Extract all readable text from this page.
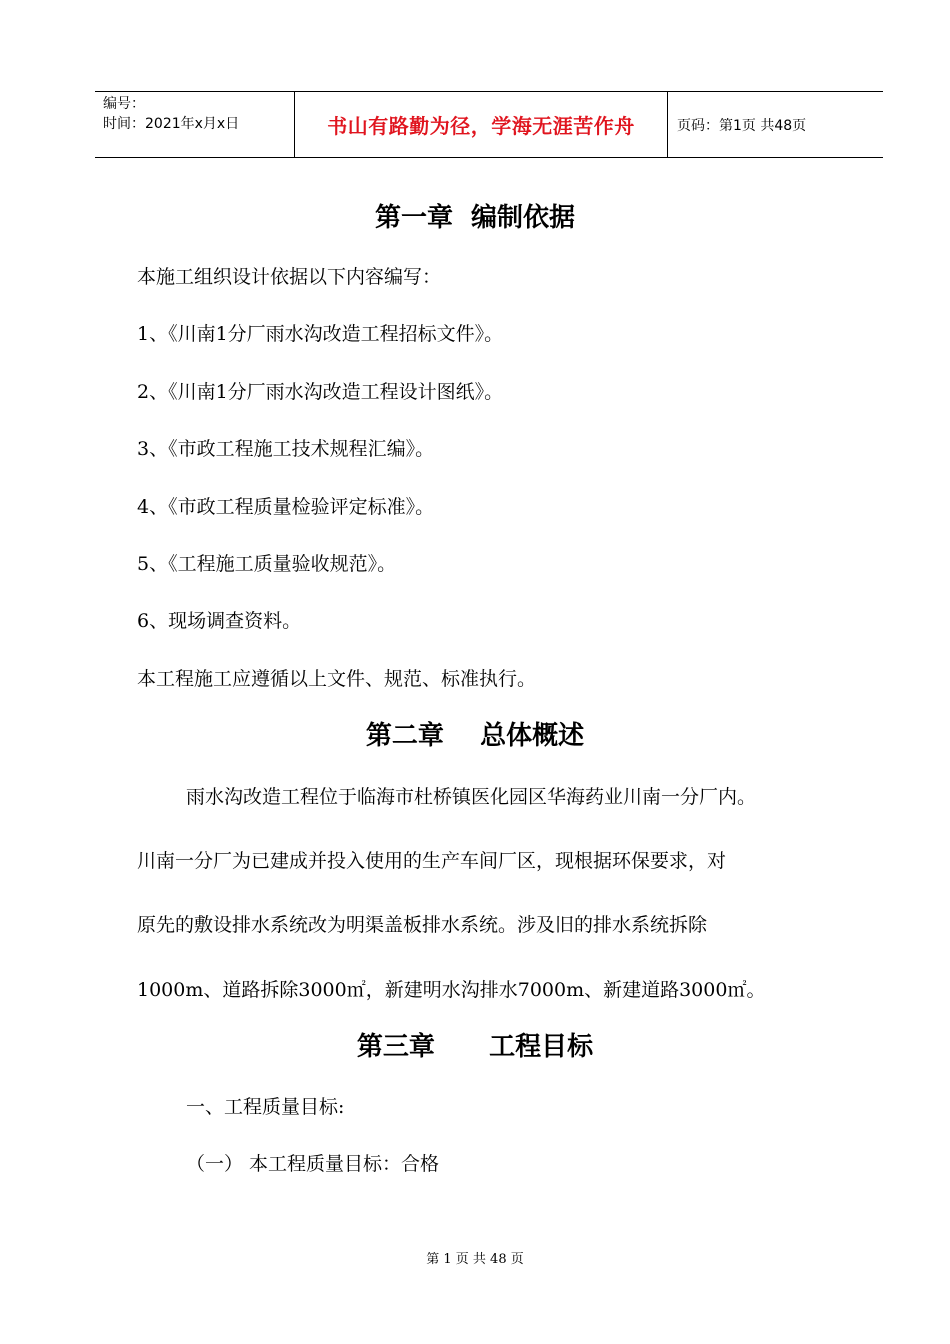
编号：
时间：2021年x月x日	书山有路勤为径，学海无涯苦作舟	页码：第1页 共48页
第一章  编制依据
本施工组织设计依据以下内容编写：
1、《川南1分厂雨水沟改造工程招标文件》。
2、《川南1分厂雨水沟改造工程设计图纸》。
3、《市政工程施工技术规程汇编》。
4、《市政工程质量检验评定标准》。
5、《工程施工质量验收规范》。
6、现场调查资料。
本工程施工应遵循以上文件、规范、标准执行。
第二章    总体概述
雨水沟改造工程位于临海市杜桥镇医化园区华海药业川南一分厂内。
川南一分厂为已建成并投入使用的生产车间厂区，现根据环保要求，对
原先的敷设排水系统改为明渠盖板排水系统。涉及旧的排水系统拆除
1000m、道路拆除3000㎡，新建明水沟排水7000m、新建道路3000㎡。
第三章      工程目标
一、工程质量目标:
（一） 本工程质量目标：合格
第 1 页 共 48 页
